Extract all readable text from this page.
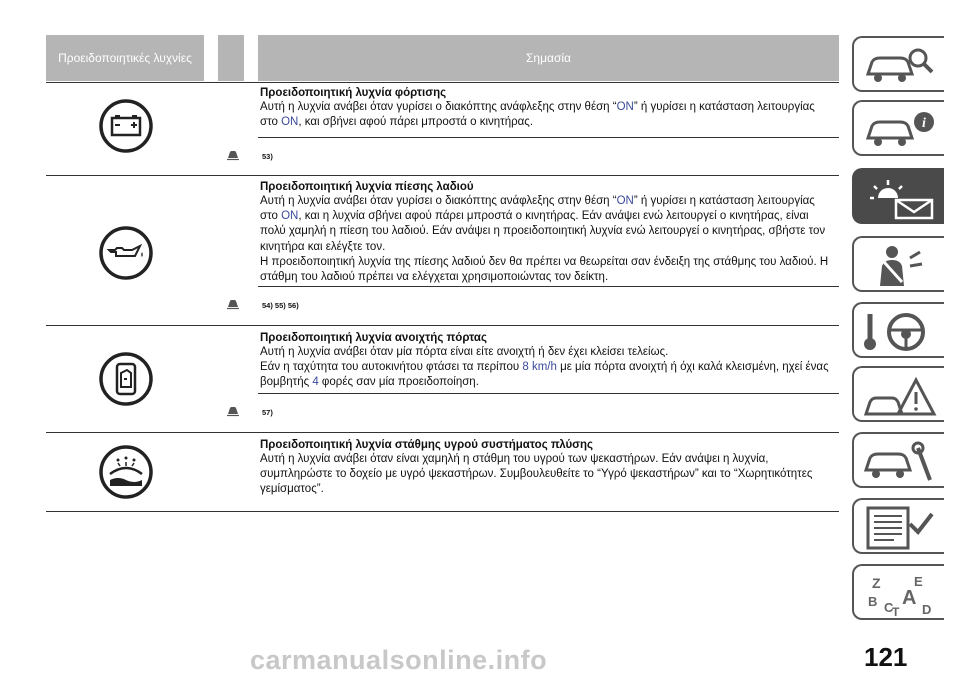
Προειδοποιητικές λυχνίες	Σημασία
Προειδοποιητική λυχνία φόρτισης
Αυτή η λυχνία ανάβει όταν γυρίσει ο διακόπτης ανάφλεξης στην θέση “ON” ή γυρίσει η κατάσταση λειτουργίας στο ON, και σβήνει αφού πάρει μπροστά ο κινητήρας.
53)
Προειδοποιητική λυχνία πίεσης λαδιού
Αυτή η λυχνία ανάβει όταν γυρίσει ο διακόπτης ανάφλεξης στην θέση “ON” ή γυρίσει η κατάσταση λειτουργίας στο ON, και η λυχνία σβήνει αφού πάρει μπροστά ο κινητήρας. Εάν ανάψει ενώ λειτουργεί ο κινητήρας, είναι πολύ χαμηλή η πίεση του λαδιού. Εάν ανάψει η προειδοποιητική λυχνία ενώ λειτουργεί ο κινητήρας, σβήστε τον κινητήρα και ελέγξτε τον.
Η προειδοποιητική λυχνία της πίεσης λαδιού δεν θα πρέπει να θεωρείται σαν ένδειξη της στάθμης του λαδιού. Η στάθμη του λαδιού πρέπει να ελέγχεται χρησιμοποιώντας τον δείκτη.
54) 55) 56)
Προειδοποιητική λυχνία ανοιχτής πόρτας
Αυτή η λυχνία ανάβει όταν μία πόρτα είναι είτε ανοιχτή ή δεν έχει κλείσει τελείως.
Εάν η ταχύτητα του αυτοκινήτου φτάσει τα περίπου 8 km/h με μία πόρτα ανοιχτή ή όχι καλά κλεισμένη, ηχεί ένας βομβητής 4 φορές σαν μία προειδοποίηση.
57)
Προειδοποιητική λυχνία στάθμης υγρού συστήματος πλύσης
Αυτή η λυχνία ανάβει όταν είναι χαμηλή η στάθμη του υγρού των ψεκαστήρων. Εάν ανάψει η λυχνία, συμπληρώστε το δοχείο με υγρό ψεκαστήρων. Συμβουλευθείτε το “Υγρό ψεκαστήρων” και το “Χωρητικότητες γεμίσματος”.
i
Z	E
B A
C
T D
carmanualsonline.info	121
